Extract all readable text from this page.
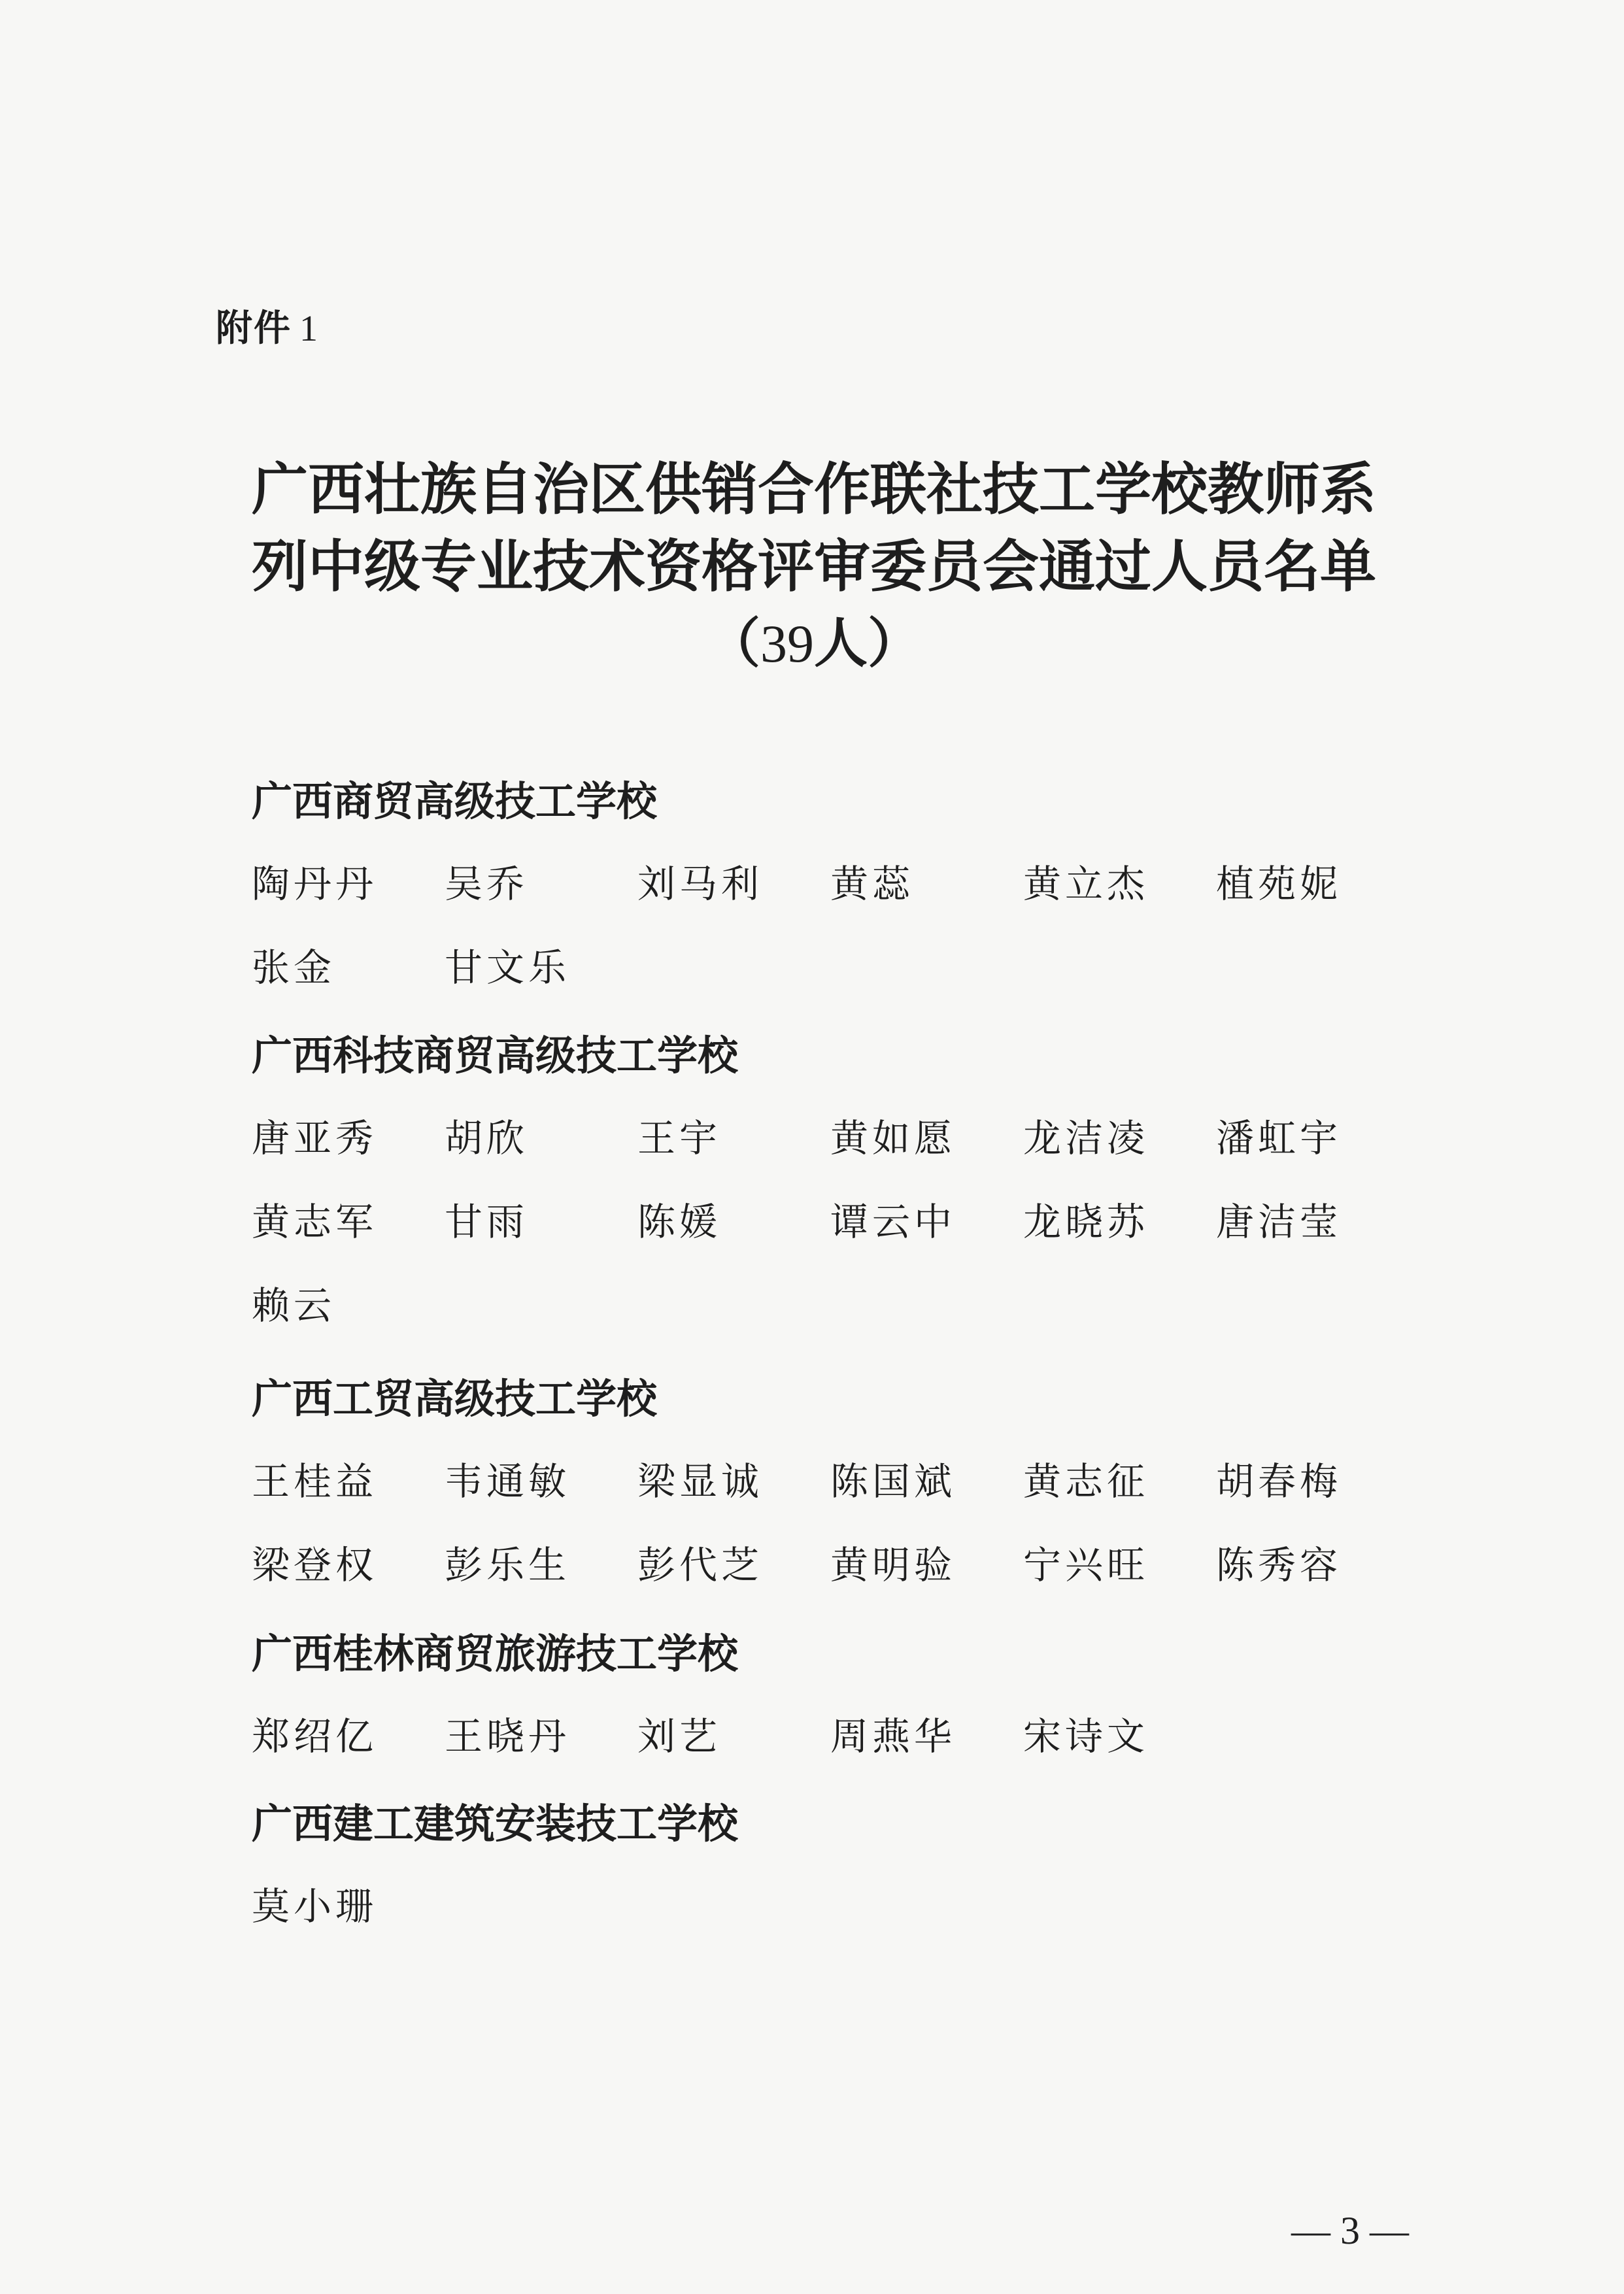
附件 1
广西壮族自治区供销合作联社技工学校教师系
列中级专业技术资格评审委员会通过人员名单
（39人）
广西商贸高级技工学校
陶丹丹	吴乔	刘马利	黄蕊	黄立杰	植苑妮
张金	甘文乐
广西科技商贸高级技工学校
唐亚秀	胡欣	王宇	黄如愿	龙洁凌	潘虹宇
黄志军	甘雨	陈媛	谭云中	龙晓苏	唐洁莹
赖云
广西工贸高级技工学校
王桂益	韦通敏	梁显诚	陈国斌	黄志征	胡春梅
梁登权	彭乐生	彭代芝	黄明验	宁兴旺	陈秀容
广西桂林商贸旅游技工学校
郑绍亿	王晓丹	刘艺	周燕华	宋诗文
广西建工建筑安装技工学校
莫小珊
— 3 —
